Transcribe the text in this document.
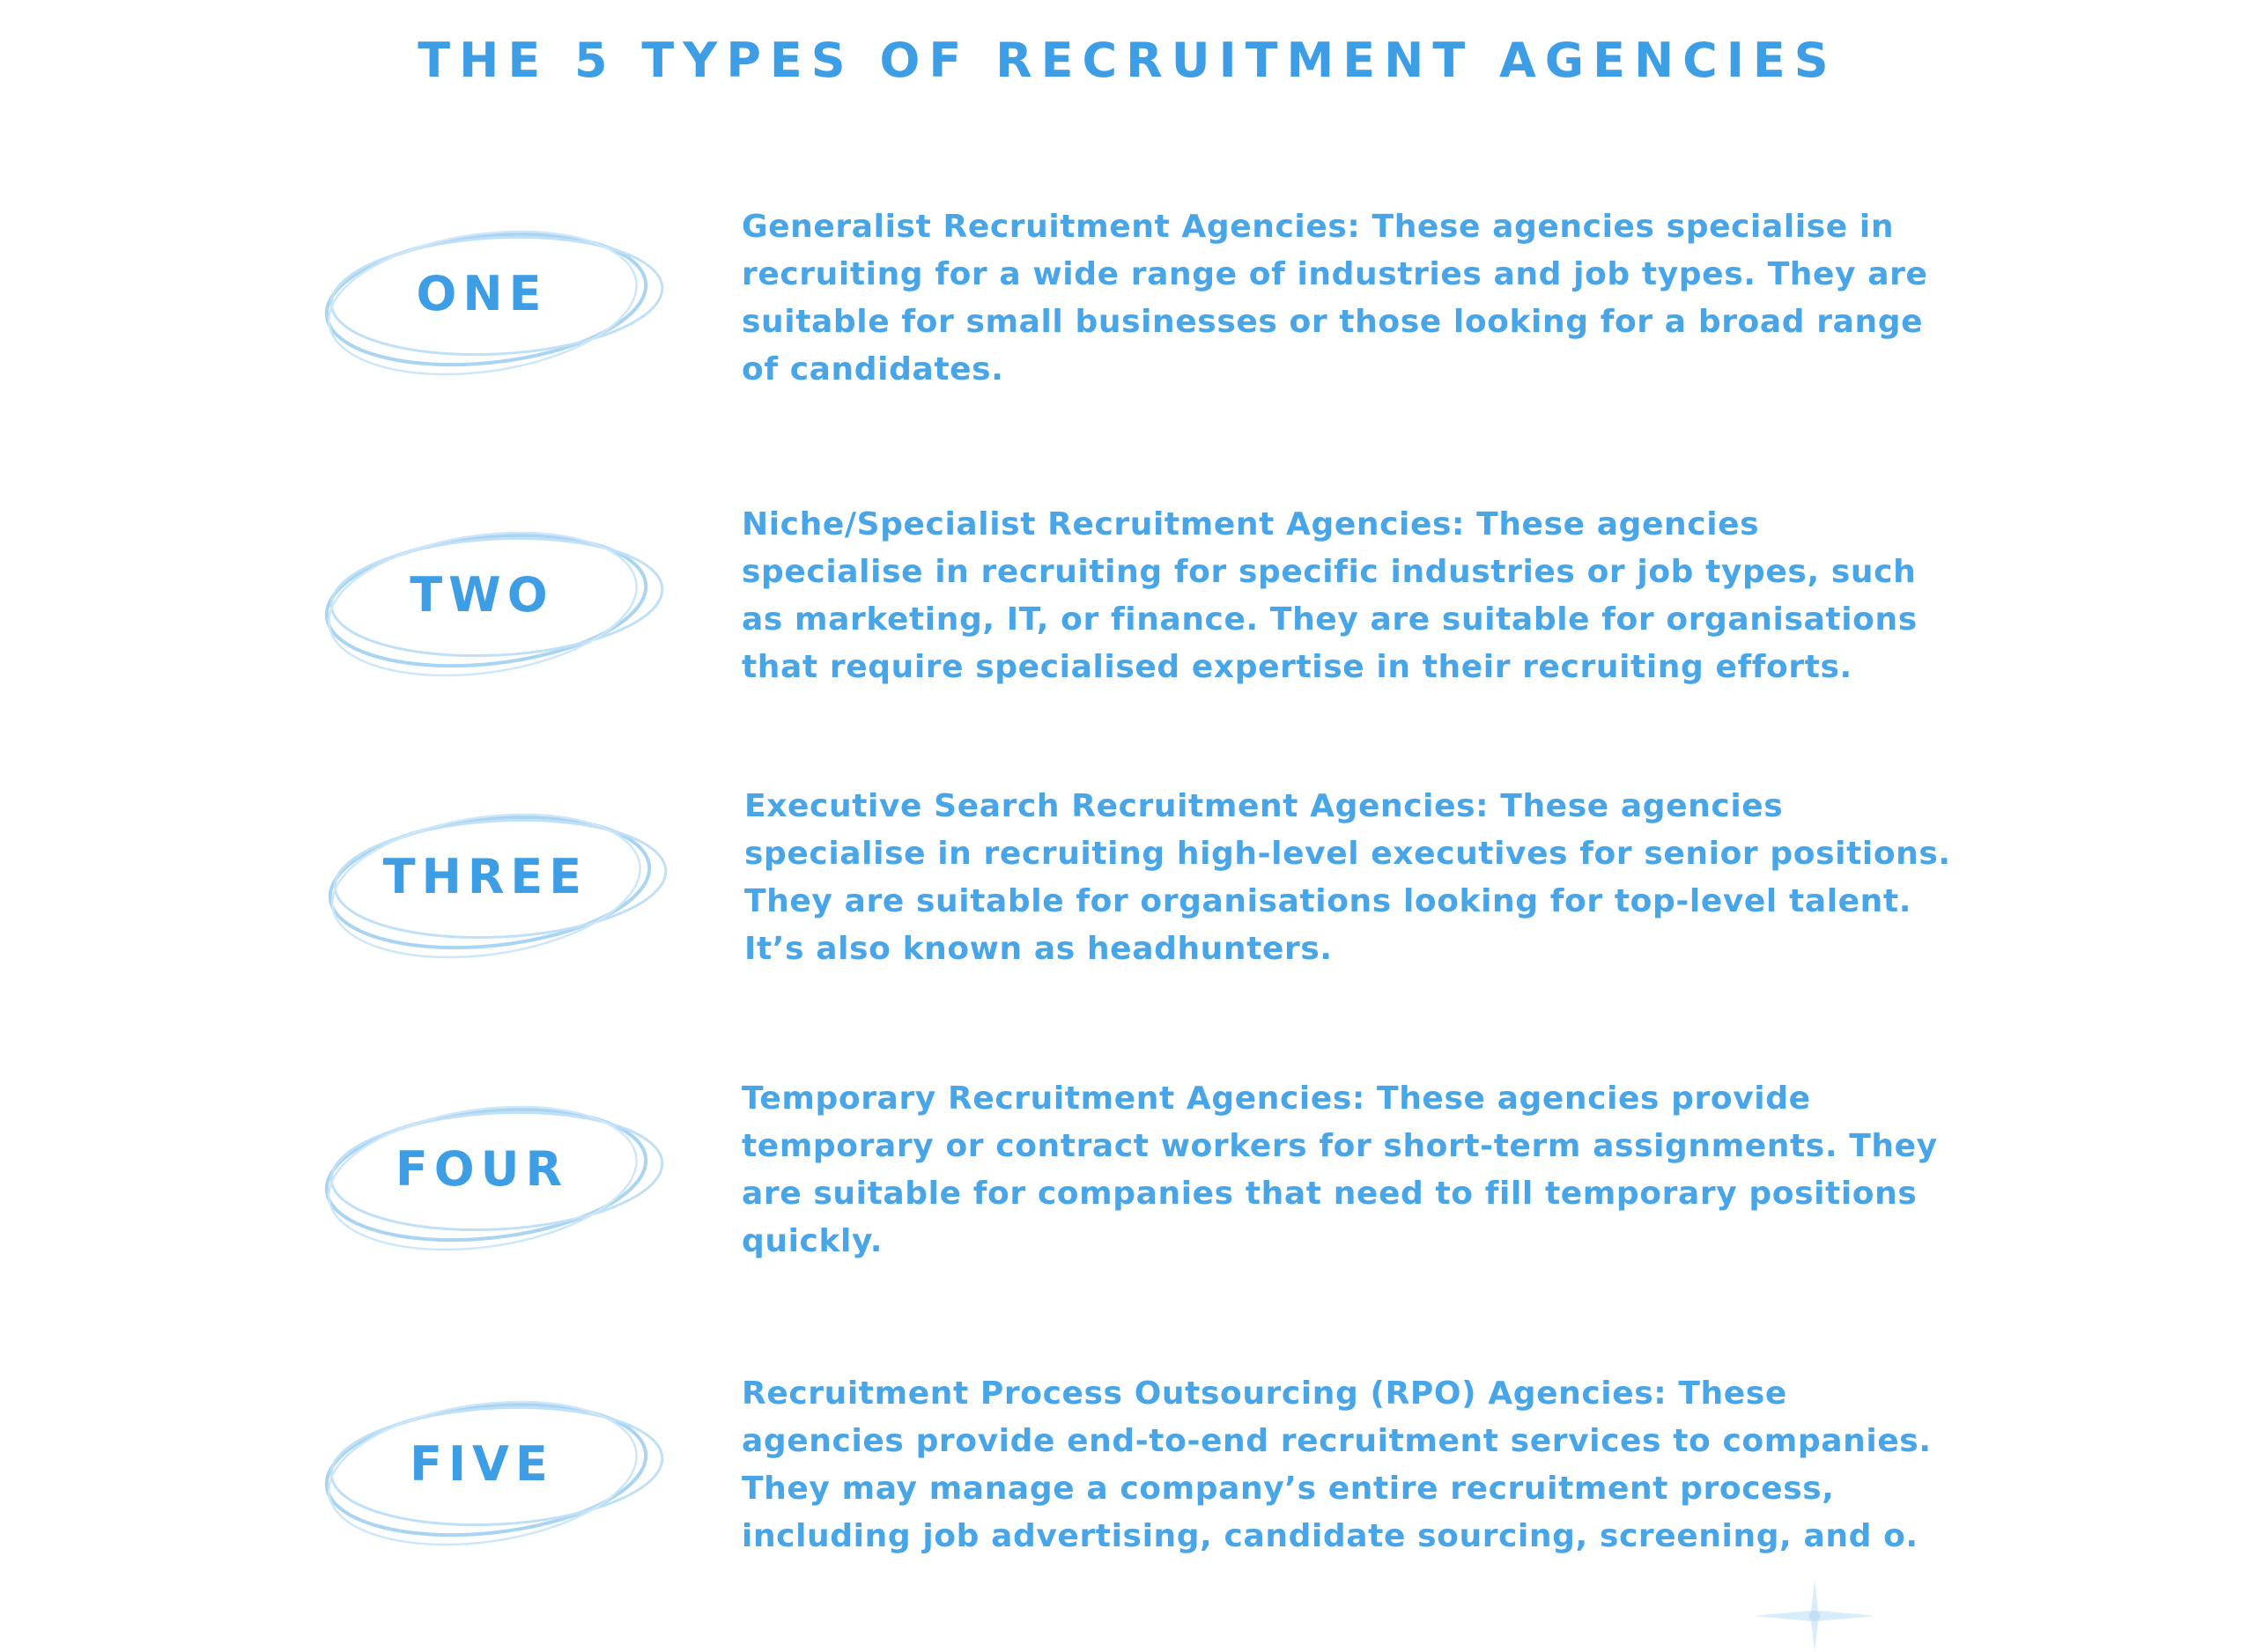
THE 5 TYPES OF RECRUITMENT AGENCIES
ONE

Generalist Recruitment Agencies: These agencies specialise in recruiting for a wide range of industries and job types. They are suitable for small businesses or those looking for a broad range of candidates.

TWO

Niche/Specialist Recruitment Agencies: These agencies specialise in recruiting for specific industries or job types, such as marketing, IT, or finance. They are suitable for organisations that require specialised expertise in their recruiting efforts.

THREE

Executive Search Recruitment Agencies: These agencies specialise in recruiting high-level executives for senior positions. They are suitable for organisations looking for top-level talent. It’s also known as headhunters.

FOUR

Temporary Recruitment Agencies: These agencies provide temporary or contract workers for short-term assignments. They are suitable for companies that need to fill temporary positions quickly.

FIVE

Recruitment Process Outsourcing (RPO) Agencies: These agencies provide end-to-end recruitment services to companies. They may manage a company’s entire recruitment process, including job advertising, candidate sourcing, screening, and o.
